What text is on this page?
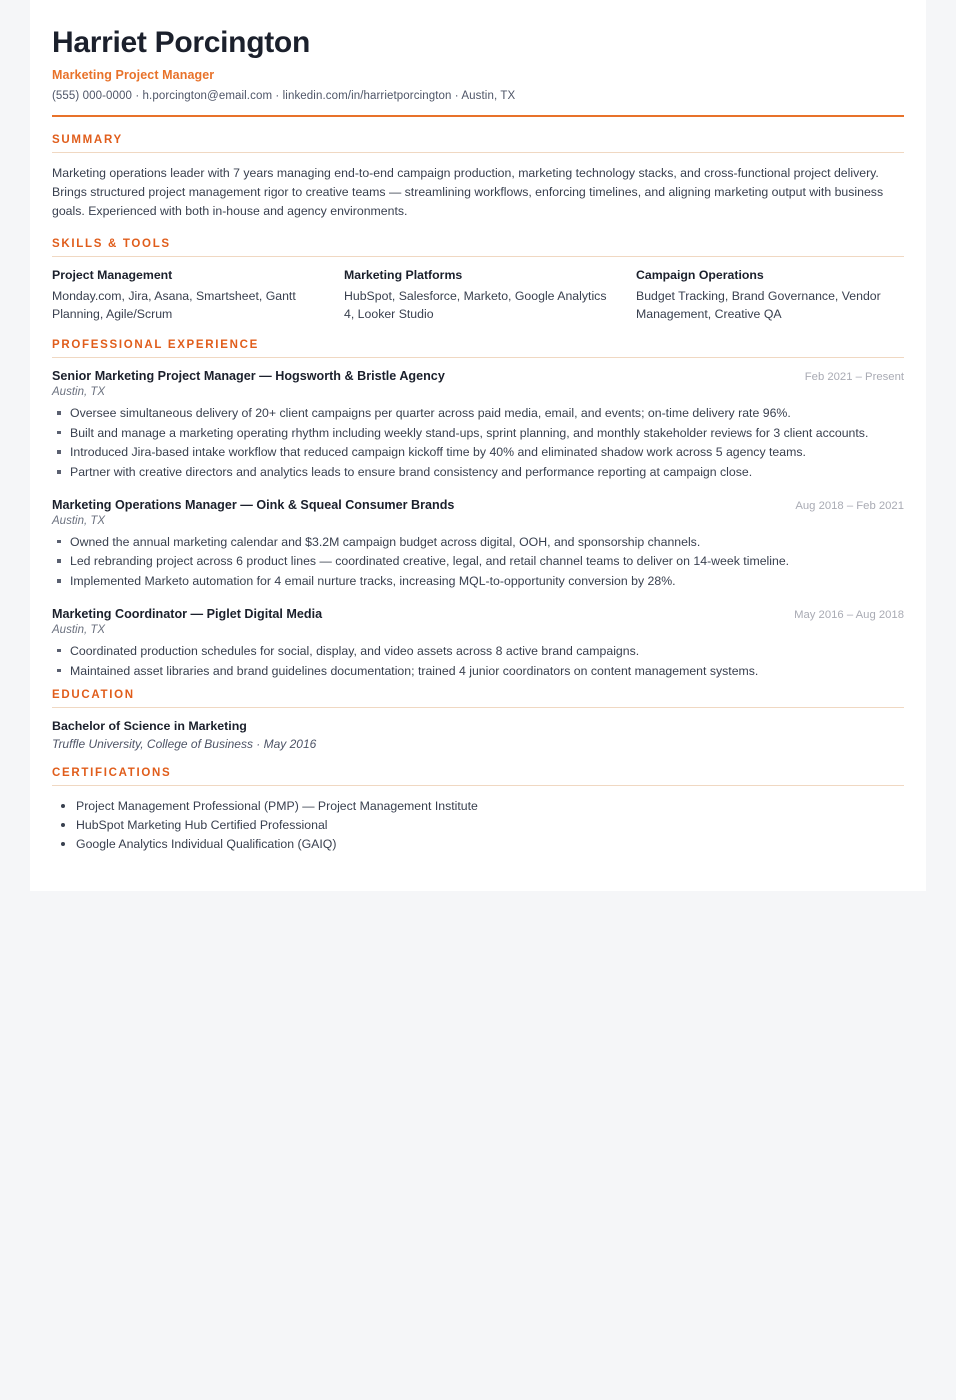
Harriet Porcington
Marketing Project Manager
(555) 000-0000 · h.porcington@email.com · linkedin.com/in/harrietporcington · Austin, TX
SUMMARY
Marketing operations leader with 7 years managing end-to-end campaign production, marketing technology stacks, and cross-functional project delivery. Brings structured project management rigor to creative teams — streamlining workflows, enforcing timelines, and aligning marketing output with business goals. Experienced with both in-house and agency environments.
SKILLS & TOOLS
Project Management
Monday.com, Jira, Asana, Smartsheet, Gantt Planning, Agile/Scrum
Marketing Platforms
HubSpot, Salesforce, Marketo, Google Analytics 4, Looker Studio
Campaign Operations
Budget Tracking, Brand Governance, Vendor Management, Creative QA
PROFESSIONAL EXPERIENCE
Senior Marketing Project Manager — Hogsworth & Bristle Agency	Feb 2021 – Present
Austin, TX
Oversee simultaneous delivery of 20+ client campaigns per quarter across paid media, email, and events; on-time delivery rate 96%.
Built and manage a marketing operating rhythm including weekly stand-ups, sprint planning, and monthly stakeholder reviews for 3 client accounts.
Introduced Jira-based intake workflow that reduced campaign kickoff time by 40% and eliminated shadow work across 5 agency teams.
Partner with creative directors and analytics leads to ensure brand consistency and performance reporting at campaign close.
Marketing Operations Manager — Oink & Squeal Consumer Brands	Aug 2018 – Feb 2021
Austin, TX
Owned the annual marketing calendar and $3.2M campaign budget across digital, OOH, and sponsorship channels.
Led rebranding project across 6 product lines — coordinated creative, legal, and retail channel teams to deliver on 14-week timeline.
Implemented Marketo automation for 4 email nurture tracks, increasing MQL-to-opportunity conversion by 28%.
Marketing Coordinator — Piglet Digital Media	May 2016 – Aug 2018
Austin, TX
Coordinated production schedules for social, display, and video assets across 8 active brand campaigns.
Maintained asset libraries and brand guidelines documentation; trained 4 junior coordinators on content management systems.
EDUCATION
Bachelor of Science in Marketing
Truffle University, College of Business · May 2016
CERTIFICATIONS
Project Management Professional (PMP) — Project Management Institute
HubSpot Marketing Hub Certified Professional
Google Analytics Individual Qualification (GAIQ)
